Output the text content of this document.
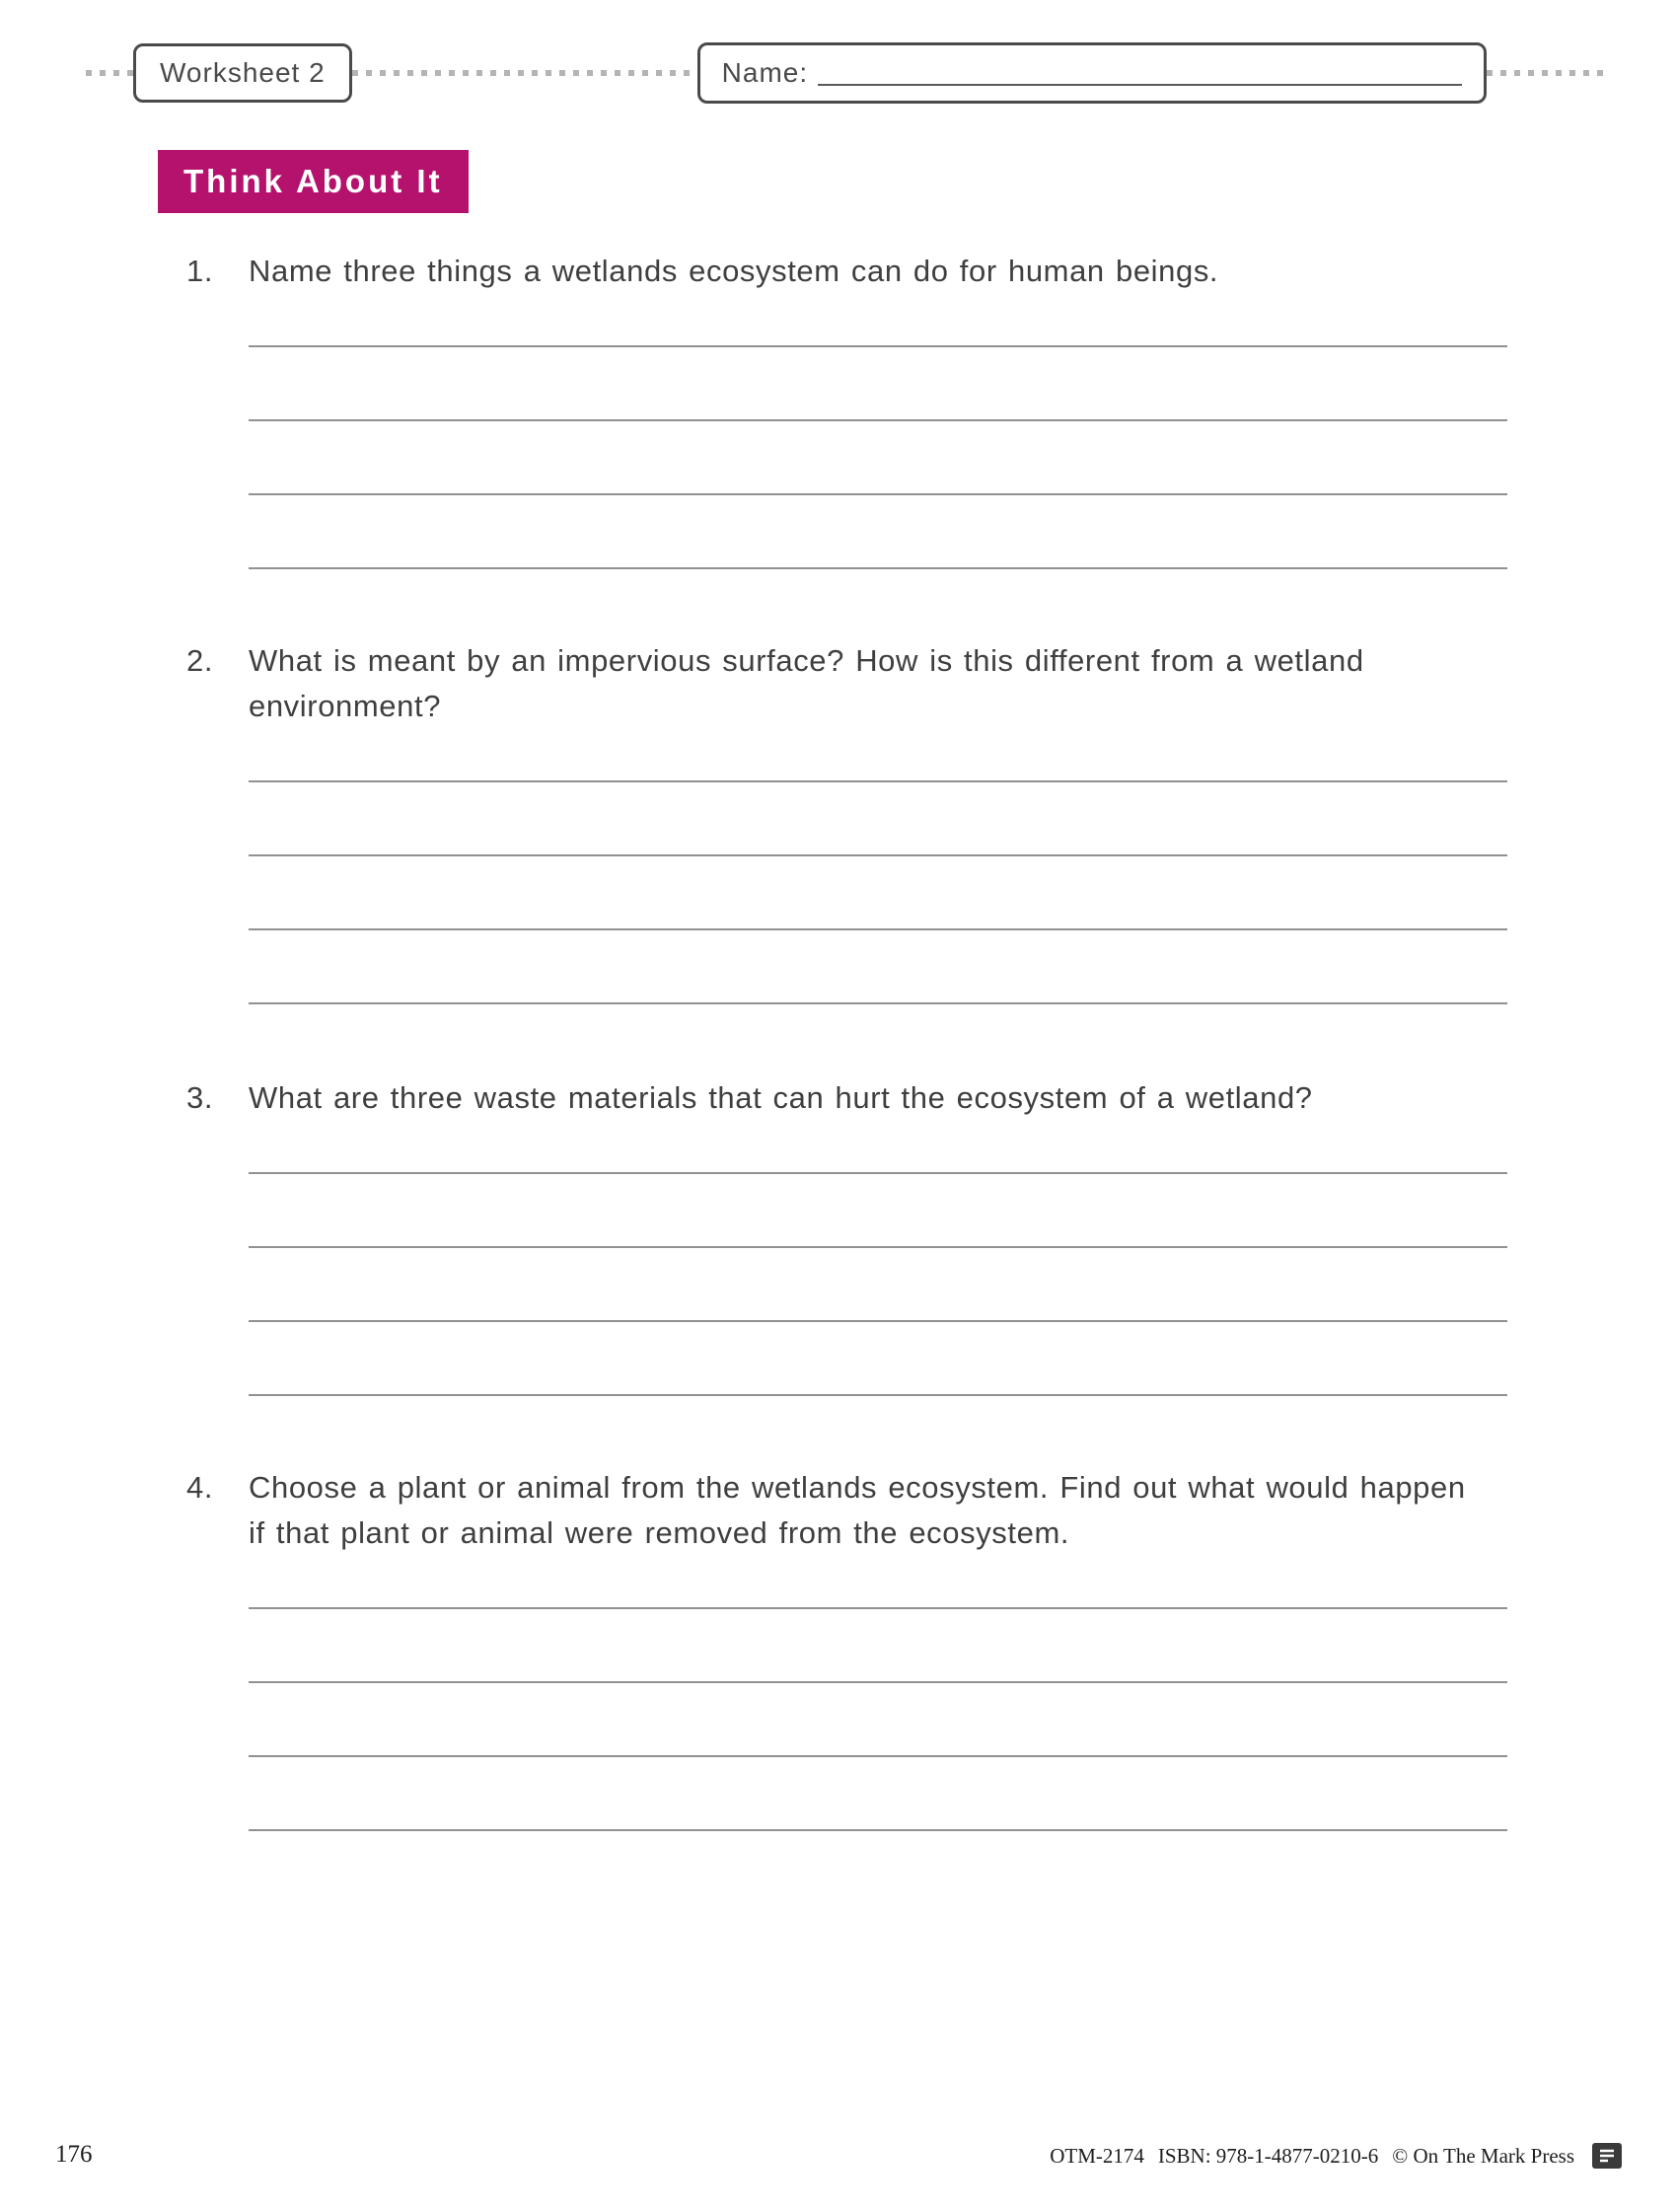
Worksheet 2	Name:
Think About It
1.	Name three things a wetlands ecosystem can do for human beings.
2.	What is meant by an impervious surface? How is this different from a wetland environment?
3.	What are three waste materials that can hurt the ecosystem of a wetland?
4.	Choose a plant or animal from the wetlands ecosystem. Find out what would happen if that plant or animal were removed from the ecosystem.
176	OTM-2174 ISBN: 978-1-4877-0210-6 © On The Mark Press
